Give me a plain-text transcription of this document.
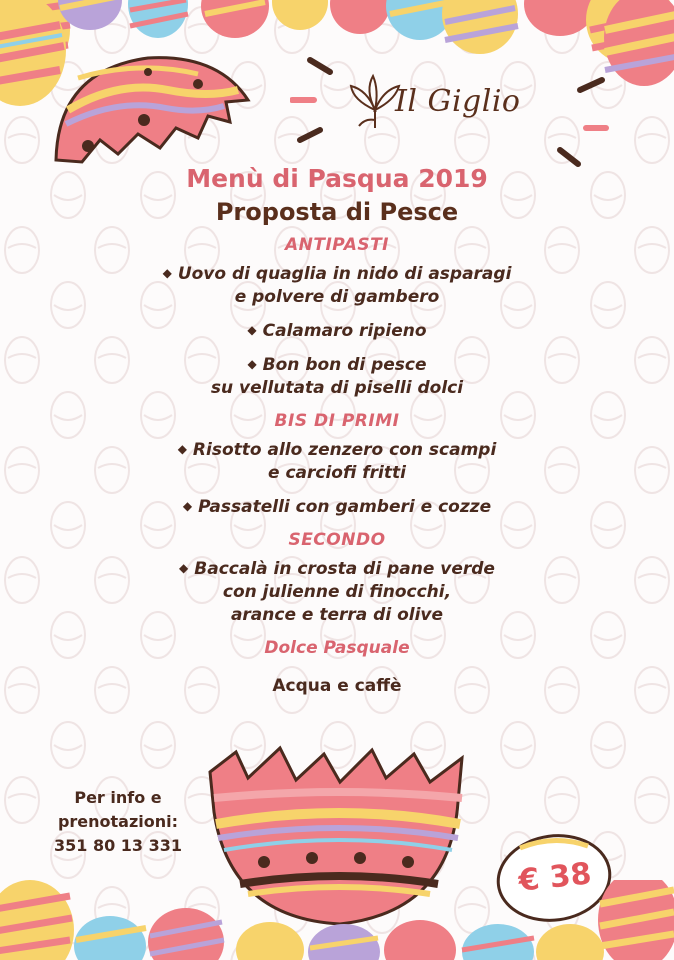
Il Giglio
Menù di Pasqua 2019
Proposta di Pesce
ANTIPASTI
◆ Uovo di quaglia in nido di asparagi
e polvere di gambero
◆ Calamaro ripieno
◆ Bon bon di pesce
su vellutata di piselli dolci
BIS DI PRIMI
◆ Risotto allo zenzero con scampi
e carciofi fritti
◆ Passatelli con gamberi e cozze
SECONDO
◆ Baccalà in crosta di pane verde
con julienne di finocchi,
arance e terra di olive
Dolce Pasquale
Acqua e caffè
Per info e
prenotazioni:
351 80 13 331
€ 38
